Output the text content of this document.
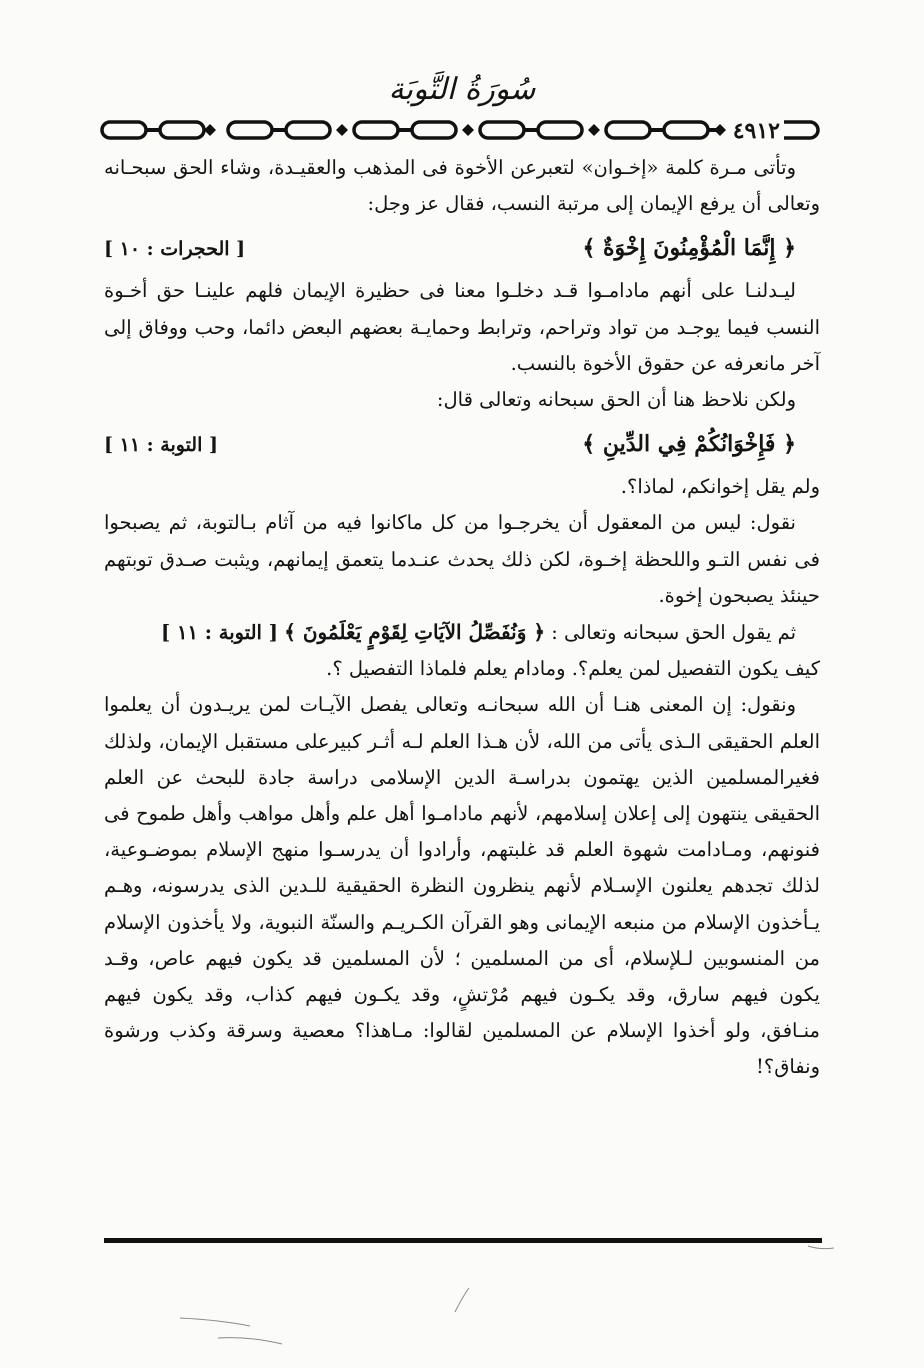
سُورَةُ التَّوبَة
٤٩١٢

وتأتى مـرة كلمة «إخـوان» لتعبرعن الأخوة فى المذهب والعقيـدة، وشاء الحق سبحـانه وتعالى أن يرفع الإيمان إلى مرتبة النسب، فقال عز وجل:

﴿ إِنَّمَا الْمُؤْمِنُونَ إِخْوَةٌ ﴾
[ الحجرات : ١٠ ]

ليـدلنـا على أنهم مادامـوا قـد دخلـوا معنا فى حظيرة الإيمان فلهم علينـا حق أخـوة النسب فيما يوجـد من تواد وتراحم، وترابط وحمايـة بعضهم البعض دائما، وحب ووفاق إلى آخر مانعرفه عن حقوق الأخوة بالنسب.

ولكن نلاحظ هنا أن الحق سبحانه وتعالى قال:

﴿ فَإِخْوَانُكُمْ فِي الدِّينِ ﴾
[ التوبة : ١١ ]

ولم يقل إخوانكم، لماذا؟.

نقول: ليس من المعقول أن يخرجـوا من كل ماكانوا فيه من آثام بـالتوبة، ثم يصبحوا فى نفس التـو واللحظة إخـوة، لكن ذلك يحدث عنـدما يتعمق إيمانهم، ويثبت صـدق توبتهم حينئذ يصبحون إخوة.

ثم يقول الحق سبحانه وتعالى : ﴿ وَنُفَصِّلُ الآيَاتِ لِقَوْمٍ يَعْلَمُونَ ﴾ [ التوبة : ١١ ]

كيف يكون التفصيل لمن يعلم؟. ومادام يعلم فلماذا التفصيل ؟.

ونقول: إن المعنى هنـا أن الله سبحانـه وتعالى يفصل الآيـات لمن يريـدون أن يعلموا العلم الحقيقى الـذى يأتى من الله، لأن هـذا العلم لـه أثـر كبيرعلى مستقبل الإيمان، ولذلك فغيرالمسلمين الذين يهتمون بدراسـة الدين الإسلامى دراسة جادة للبحث عن العلم الحقيقى ينتهون إلى إعلان إسلامهم، لأنهم مادامـوا أهل علم وأهل مواهب وأهل طموح فى فنونهم، ومـادامت شهوة العلم قد غلبتهم، وأرادوا أن يدرسـوا منهج الإسلام بموضـوعية، لذلك تجدهم يعلنون الإسـلام لأنهم ينظرون النظرة الحقيقية للـدين الذى يدرسونه، وهـم يـأخذون الإسلام من منبعه الإيمانى وهو القرآن الكـريـم والسنّة النبوية، ولا يأخذون الإسلام من المنسوبين لـلإسلام، أى من المسلمين ؛ لأن المسلمين قد يكون فيهم عاص، وقـد يكون فيهم سارق، وقد يكـون فيهم مُرْتشٍ، وقد يكـون فيهم كذاب، وقد يكون فيهم منـافق، ولو أخذوا الإسلام عن المسلمين لقالوا: مـاهذا؟ معصية وسرقة وكذب ورشوة ونفاق؟!
